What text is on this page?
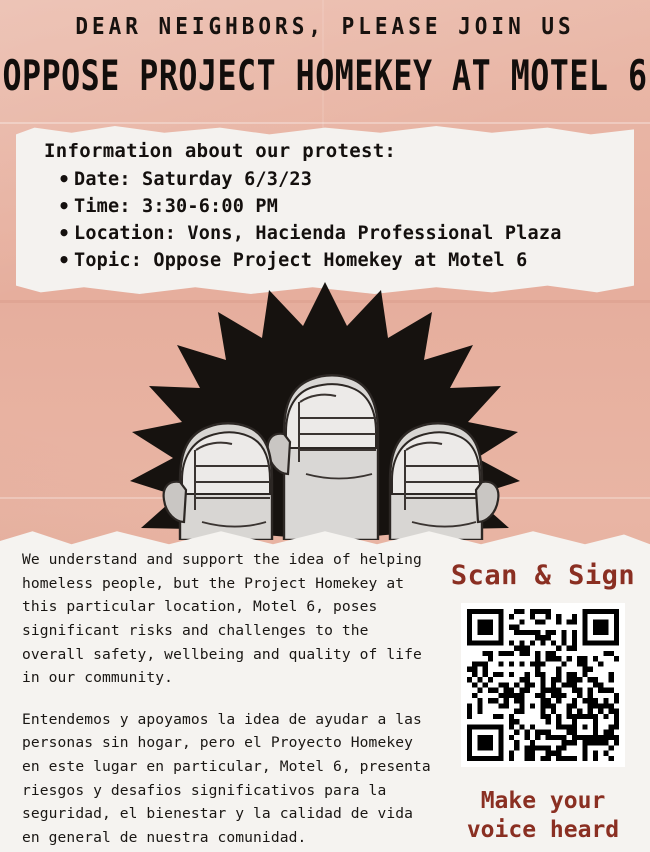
DEAR NEIGHBORS, PLEASE JOIN US
OPPOSE PROJECT HOMEKEY AT MOTEL 6

Information about our protest:

• Date: Saturday 6/3/23
• Time: 3:30-6:00 PM
• Location: Vons, Hacienda Professional Plaza
• Topic: Oppose Project Homekey at Motel 6

We understand and support the idea of helping homeless people, but the Project Homekey at this particular location, Motel 6, poses significant risks and challenges to the overall safety, wellbeing and quality of life in our community.

Entendemos y apoyamos la idea de ayudar a las personas sin hogar, pero el Proyecto Homekey en este lugar en particular, Motel 6, presenta riesgos y desafios significativos para la seguridad, el bienestar y la calidad de vida en general de nuestra comunidad.

Scan & Sign
Make your voice heard
